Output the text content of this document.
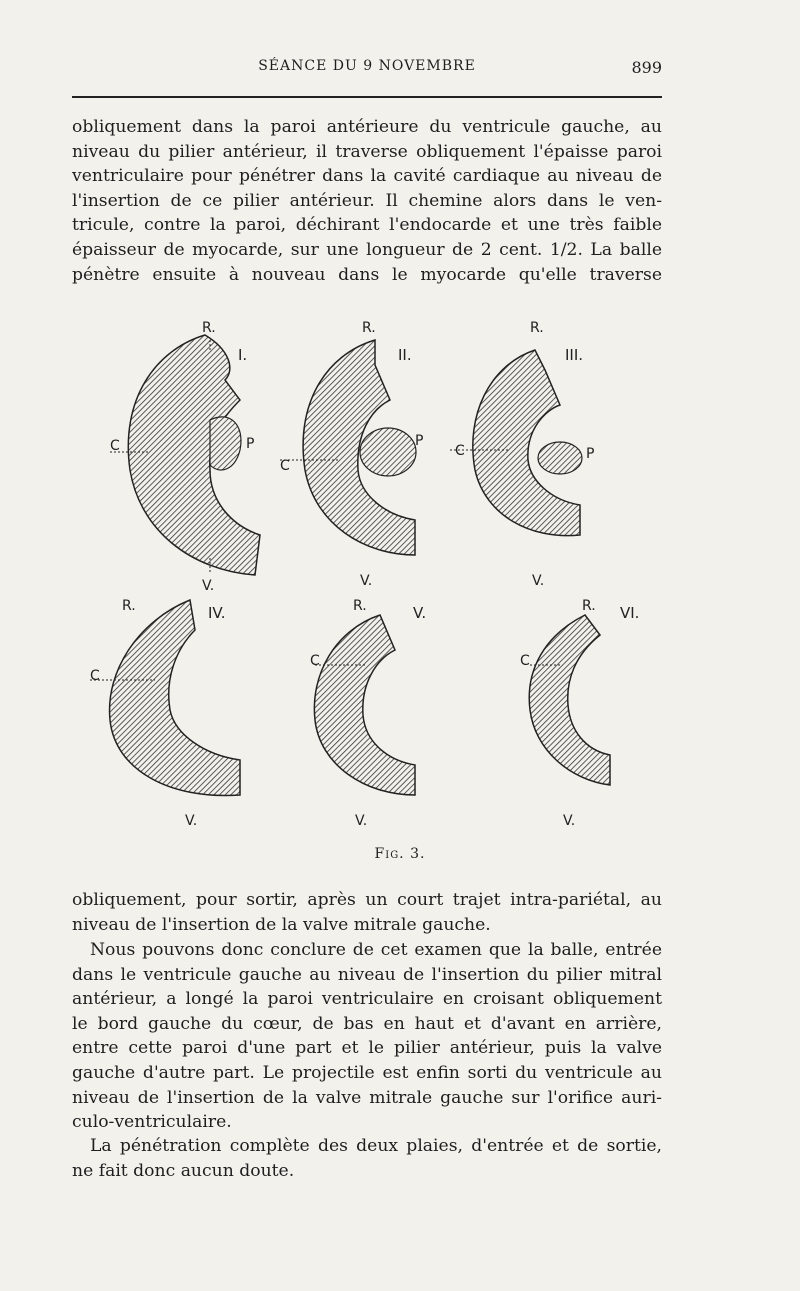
SÉANCE DU 9 NOVEMBRE	899
obliquement dans la paroi antérieure du ventricule gauche, au
niveau du pilier antérieur, il traverse obliquement l'épaisse paroi
ventriculaire pour pénétrer dans la cavité cardiaque au niveau de
l'insertion de ce pilier antérieur. Il chemine alors dans le ven-
tricule, contre la paroi, déchirant l'endocarde et une très faible
épaisseur de myocarde, sur une longueur de 2 cent. 1/2. La balle
pénètre ensuite à nouveau dans le myocarde qu'elle traverse
R.
I.
C	P
V.
R.
II.
C
P
V.
R.
III.
C	P
V.
R.	IV.
C
V.
R.	V.
C
V.
R. VI.
C
V.
Fig. 3.
obliquement, pour sortir, après un court trajet intra-pariétal, au
niveau de l'insertion de la valve mitrale gauche.
Nous pouvons donc conclure de cet examen que la balle, entrée
dans le ventricule gauche au niveau de l'insertion du pilier mitral
antérieur, a longé la paroi ventriculaire en croisant obliquement
le bord gauche du cœur, de bas en haut et d'avant en arrière,
entre cette paroi d'une part et le pilier antérieur, puis la valve
gauche d'autre part. Le projectile est enfin sorti du ventricule au
niveau de l'insertion de la valve mitrale gauche sur l'orifice auri-
culo-ventriculaire.
La pénétration complète des deux plaies, d'entrée et de sortie,
ne fait donc aucun doute.
